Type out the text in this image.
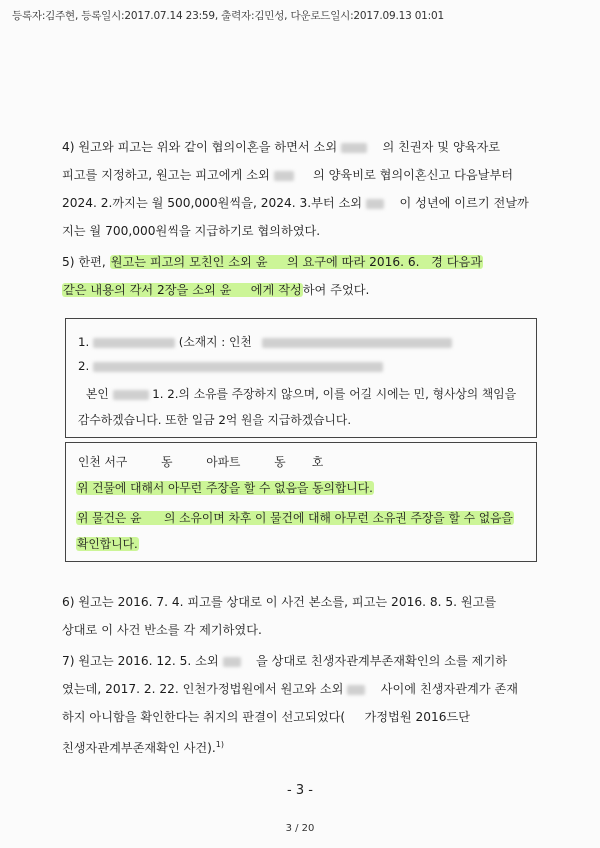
등록자:김주현, 등록일시:2017.07.14 23:59, 출력자:김민성, 다운로드일시:2017.09.13 01:01
4) 원고와 피고는 위와 같이 협의이혼을 하면서 소외	의 친권자 및 양육자로
피고를 지정하고, 원고는 피고에게 소외	의 양육비로 협의이혼신고 다음날부터
2024. 2.까지는 월 500,000원씩을, 2024. 3.부터 소외	이 성년에 이르기 전날까
지는 월 700,000원씩을 지급하기로 협의하였다.
5) 한편, 원고는 피고의 모친인 소외 윤 의 요구에 따라 2016. 6. 경 다음과
같은 내용의 각서 2장을 소외 윤 에게 작성하여 주었다.
1.	(소재지 : 인천
2.
본인	1. 2.의 소유를 주장하지 않으며, 이를 어길 시에는 민, 형사상의 책임을
감수하겠습니다. 또한 일금 2억 원을 지급하겠습니다.
인천 서구	동	아파트	동 호
위 건물에 대해서 아무런 주장을 할 수 없음을 동의합니다.
위 물건은 윤 의 소유이며 차후 이 물건에 대해 아무런 소유권 주장을 할 수 없음을
확인합니다.
6) 원고는 2016. 7. 4. 피고를 상대로 이 사건 본소를, 피고는 2016. 8. 5. 원고를
상대로 이 사건 반소를 각 제기하였다.
7) 원고는 2016. 12. 5. 소외	을 상대로 친생자관계부존재확인의 소를 제기하
였는데, 2017. 2. 22. 인천가정법원에서 원고와 소외	사이에 친생자관계가 존재
하지 아니함을 확인한다는 취지의 판결이 선고되었다( 가정법원 2016드단
친생자관계부존재확인 사건).$^{1)}$
- 3 -
3 / 20
